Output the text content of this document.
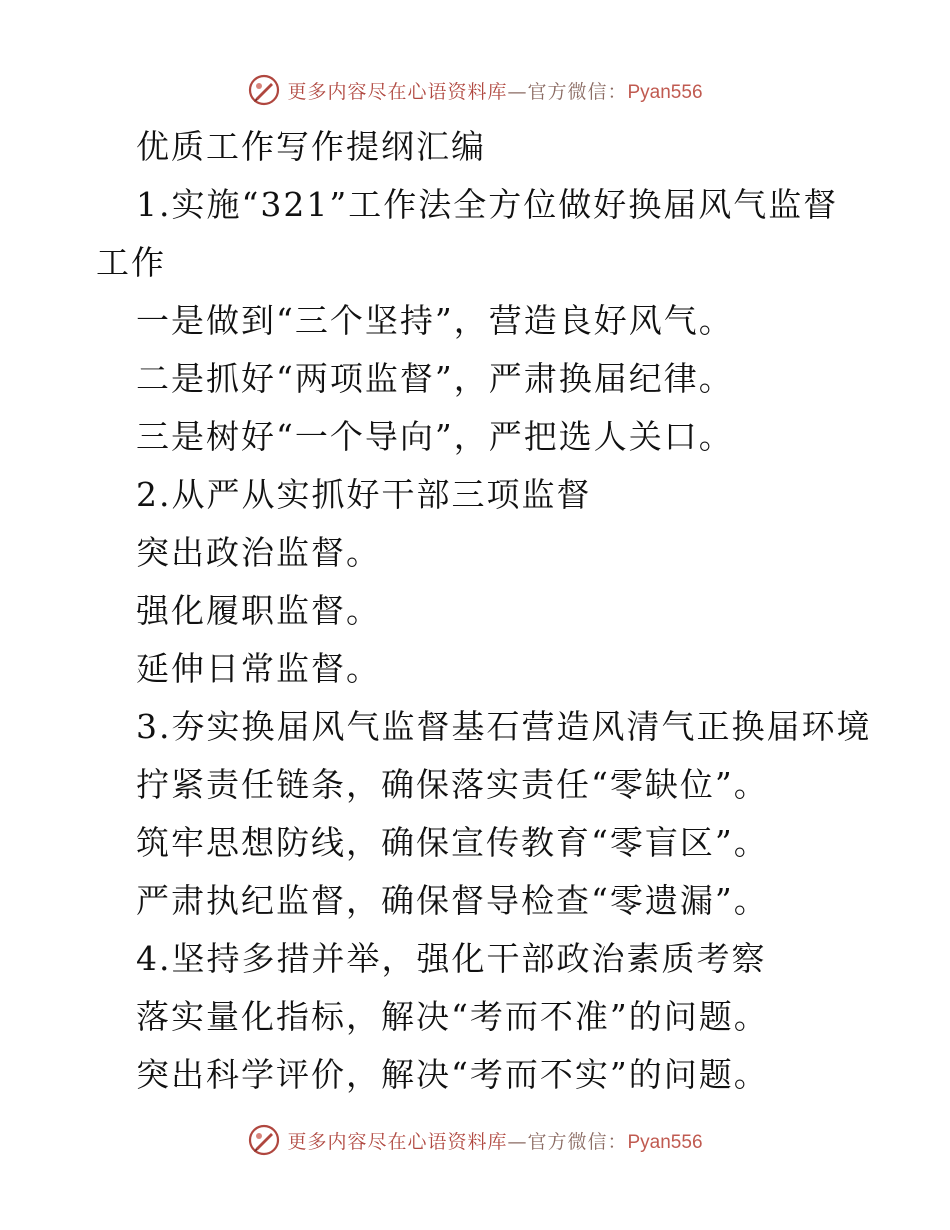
更多内容尽在心语资料库—官方微信：Pyan556

优质工作写作提纲汇编

1.实施“321”工作法全方位做好换届风气监督

工作

一是做到“三个坚持”，营造良好风气。

二是抓好“两项监督”，严肃换届纪律。

三是树好“一个导向”，严把选人关口。

2.从严从实抓好干部三项监督

突出政治监督。

强化履职监督。

延伸日常监督。

3.夯实换届风气监督基石营造风清气正换届环境

拧紧责任链条，确保落实责任“零缺位”。

筑牢思想防线，确保宣传教育“零盲区”。

严肃执纪监督，确保督导检查“零遗漏”。

4.坚持多措并举，强化干部政治素质考察

落实量化指标，解决“考而不准”的问题。

突出科学评价，解决“考而不实”的问题。

更多内容尽在心语资料库—官方微信：Pyan556
